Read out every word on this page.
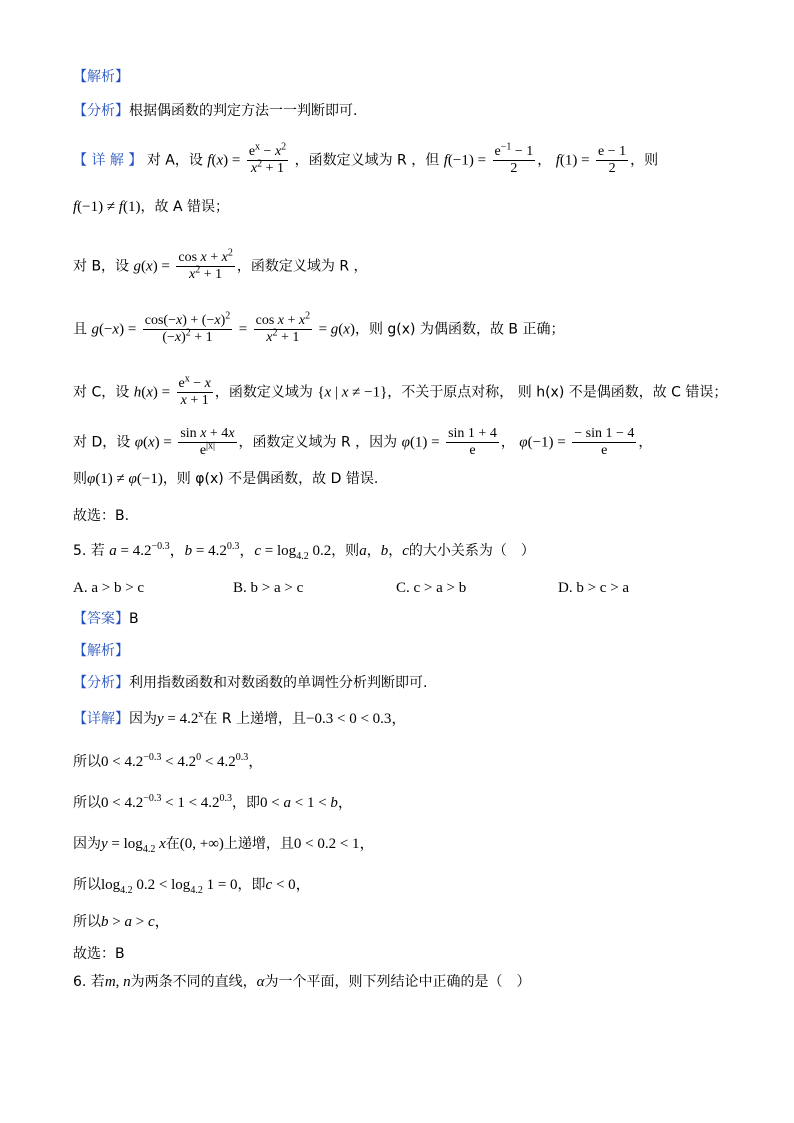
【解析】
【分析】根据偶函数的判定方法一一判断即可.
【 详 解 】 对 A，设 $f(x) = \frac{e^x - x^2}{x^2 + 1}$ ，函数定义域为 R ，但 $f(-1) = \frac{e^{-1} - 1}{2}$ ， $f(1) = \frac{e - 1}{2}$ ，则
f(−1) ≠ f(1)，故 A 错误；
对 B，设 $g(x) = \frac{\cos x + x^2}{x^2 + 1}$ ，函数定义域为 R ，
且 $g(-x) = \frac{\cos(-x) + (-x)^2}{(-x)^2 + 1} = \frac{\cos x + x^2}{x^2 + 1} = g(x)$，则 g(x) 为偶函数，故 B 正确；
对 C，设 $h(x) = \frac{e^x - x}{x + 1}$ ，函数定义域为 {x | x ≠ −1}，不关于原点对称， 则 h(x) 不是偶函数，故 C 错误；
对 D，设 $\varphi(x) = \frac{\text{sin x + 4x}}{e^{|x|}}$ ，函数定义域为 R ，因为 $\varphi(1) = \frac{\sin 1 + 4}{e}$ ， $\varphi(-1) = \frac{- \sin 1 - 4}{e}$ ，
则φ(1) ≠ φ(−1)，则 φ(x) 不是偶函数，故 D 错误.
故选：B.
5. 若 $a = 4.2^{-0.3}$，$b = 4.2^{0.3}$，$c = \log_{4.2} 0.2$，则a，b，c的大小关系为（　）
A. a > b > c	B. b > a > c	C. c > a > b	D. b > c > a
【答案】B
【解析】
【分析】利用指数函数和对数函数的单调性分析判断即可.
【详解】因为$y = 4.2^x$在 R 上递增，且−0.3 < 0 < 0.3，
所以$0 < 4.2^{-0.3} < 4.2^0 < 4.2^{0.3}$，
所以$0 < 4.2^{-0.3} < 1 < 4.2^{0.3}$，即0 < a < 1 < b，
因为$y = \log_{4.2} x$在(0, +∞)上递增，且0 < 0.2 < 1，
所以$\log_{4.2} 0.2 < \log_{4.2} 1 = 0$，即c < 0，
所以b > a > c，
故选：B
6. 若m, n为两条不同的直线，α为一个平面，则下列结论中正确的是（　）
